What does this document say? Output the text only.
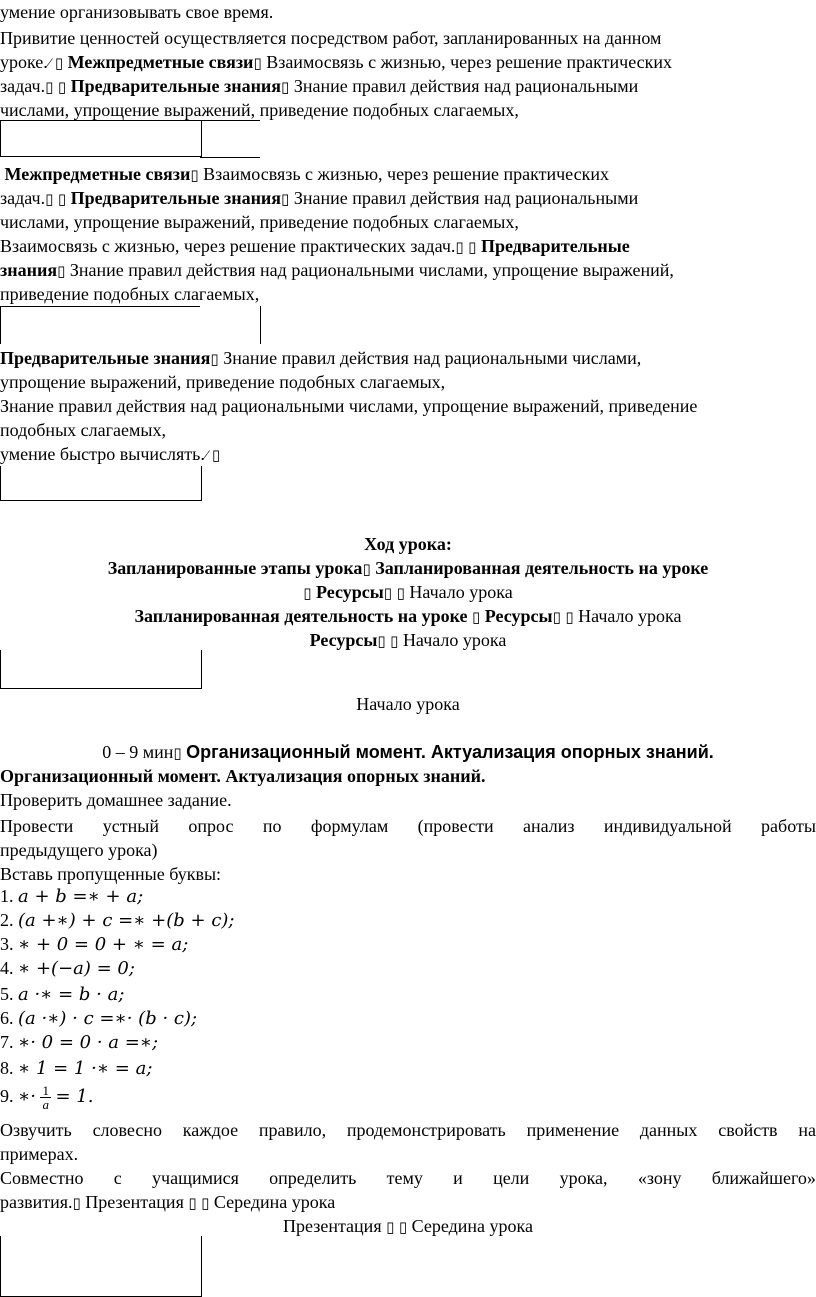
умение организовывать свое время.
Привитие ценностей осуществляется посредством работ, запланированных на данном
уроке.⁄ ▯ Межпредметные связи▯ Взаимосвязь с жизнью, через решение практических
задач.▯ ▯ Предварительные знания▯ Знание правил действия над рациональными
числами, упрощение выражений, приведение подобных слагаемых,
Межпредметные связи▯ Взаимосвязь с жизнью, через решение практических
задач.▯ ▯ Предварительные знания▯ Знание правил действия над рациональными
числами, упрощение выражений, приведение подобных слагаемых,
Взаимосвязь с жизнью, через решение практических задач.▯ ▯ Предварительные
знания▯ Знание правил действия над рациональными числами, упрощение выражений,
приведение подобных слагаемых,
Предварительные знания▯ Знание правил действия над рациональными числами,
упрощение выражений, приведение подобных слагаемых,
Знание правил действия над рациональными числами, упрощение выражений, приведение
подобных слагаемых,
умение быстро вычислять.⁄ ▯
Ход урока:
Запланированные этапы урока▯ Запланированная деятельность на уроке
▯ Ресурсы▯ ▯ Начало урока
Запланированная деятельность на уроке ▯ Ресурсы▯ ▯ Начало урока
Ресурсы▯ ▯ Начало урока
Начало урока
0 – 9 мин▯ Организационный момент. Актуализация опорных знаний.
Организационный момент. Актуализация опорных знаний.
Проверить домашнее задание.
Провести устный опрос по формулам (провести анализ индивидуальной работы
предыдущего урока)
Вставь пропущенные буквы:
1. a + b =∗ + a;
2. (a +∗) + c =∗ +(b + c);
3. ∗ + 0 = 0 + ∗ = a;
4. ∗ +(−a) = 0;
5. a ·∗ = b · a;
6. (a ·∗) · c =∗· (b · c);
7. ∗· 0 = 0 · a =∗;
8. ∗ 1 = 1 ·∗ = a;
9. ∗· $\frac{1}{a} = 1$.
Озвучить словесно каждое правило, продемонстрировать применение данных свойств на
примерах.
Совместно с учащимися определить тему и цели урока, «зону ближайшего»
развития.▯ Презентация ▯ ▯ Середина урока
Презентация ▯ ▯ Середина урока
